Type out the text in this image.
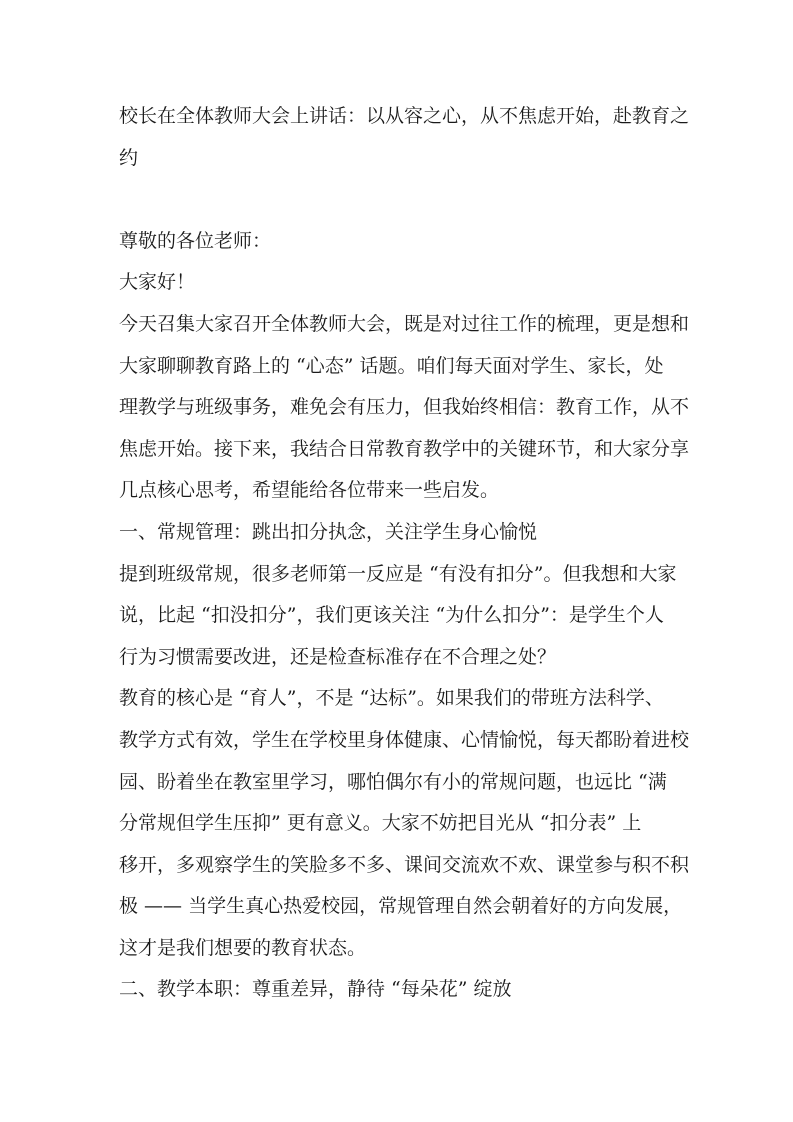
校长在全体教师大会上讲话：以从容之心，从不焦虑开始，赴教育之
约
尊敬的各位老师：
大家好！
今天召集大家召开全体教师大会，既是对过往工作的梳理，更是想和
大家聊聊教育路上的 “心态” 话题。咱们每天面对学生、家长，处
理教学与班级事务，难免会有压力，但我始终相信：教育工作，从不
焦虑开始。接下来，我结合日常教育教学中的关键环节，和大家分享
几点核心思考，希望能给各位带来一些启发。
一、常规管理：跳出扣分执念，关注学生身心愉悦
提到班级常规，很多老师第一反应是 “有没有扣分”。但我想和大家
说，比起 “扣没扣分”，我们更该关注 “为什么扣分”：是学生个人
行为习惯需要改进，还是检查标准存在不合理之处？
教育的核心是 “育人”，不是 “达标”。如果我们的带班方法科学、
教学方式有效，学生在学校里身体健康、心情愉悦，每天都盼着进校
园、盼着坐在教室里学习，哪怕偶尔有小的常规问题，也远比 “满
分常规但学生压抑” 更有意义。大家不妨把目光从 “扣分表” 上
移开，多观察学生的笑脸多不多、课间交流欢不欢、课堂参与积不积
极 —— 当学生真心热爱校园，常规管理自然会朝着好的方向发展，
这才是我们想要的教育状态。
二、教学本职：尊重差异，静待 “每朵花” 绽放
